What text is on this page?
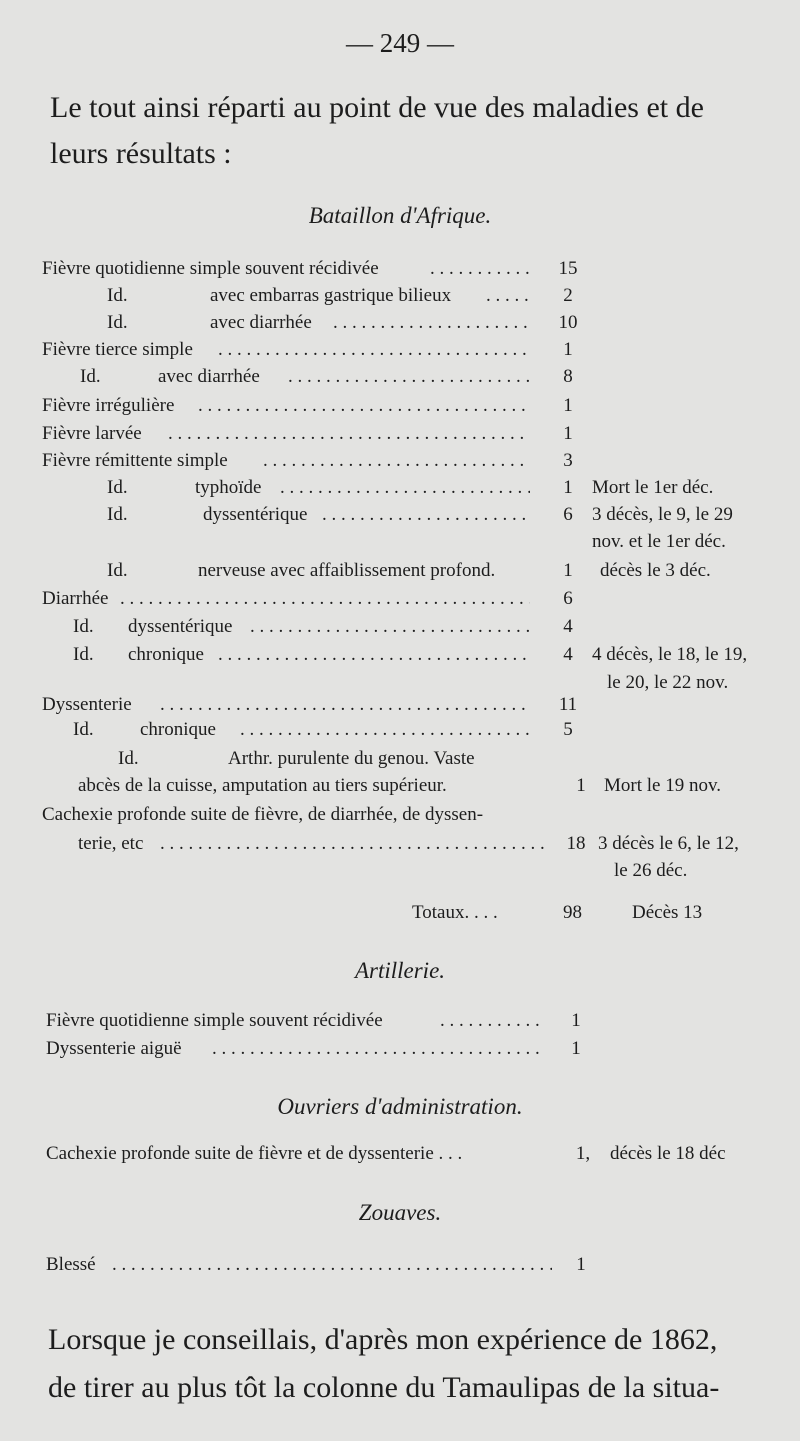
— 249 —
Le tout ainsi réparti au point de vue des maladies et de
leurs résultats :
Bataillon d'Afrique.
Fièvre quotidienne simple souvent récidivée . . .	15
Id.	avec embarras gastrique bilieux . . .	2
Id.	avec diarrhée . . .	10
Fièvre tierce simple . . .	1
Id.	avec diarrhée . . .	8
Fièvre irrégulière . . .	1
Fièvre larvée . . .	1
Fièvre rémittente simple . . .	3
Id.	typhoïde . . .	1	Mort le 1er déc.
Id.	dyssentérique . . .	6	3 décès, le 9, le 29
nov. et le 1er déc.
Id.	nerveuse avec affaiblissement profond.	1	décès le 3 déc.
Diarrhée . . .	6
Id. dyssentérique . . .	4
Id. chronique . . .	4	4 décès, le 18, le 19,
le 20, le 22 nov.
Dyssenterie . . .	11
Id. chronique . . .	5
Id.	Arthr. purulente du genou. Vaste
abcès de la cuisse, amputation au tiers supérieur.	1 Mort le 19 nov.
Cachexie profonde suite de fièvre, de diarrhée, de dyssen-
terie, etc . . .	18 3 décès le 6, le 12,
le 26 déc.
Totaux. . . .	98	Décès 13
Artillerie.
Fièvre quotidienne simple souvent récidivée . . .	1
Dyssenterie aiguë . . .	1
Ouvriers d'administration.
Cachexie profonde suite de fièvre et de dyssenterie . . .	1,	décès le 18 déc
Zouaves.
Blessé . . .	1
Lorsque je conseillais, d'après mon expérience de 1862,
de tirer au plus tôt la colonne du Tamaulipas de la situa-
